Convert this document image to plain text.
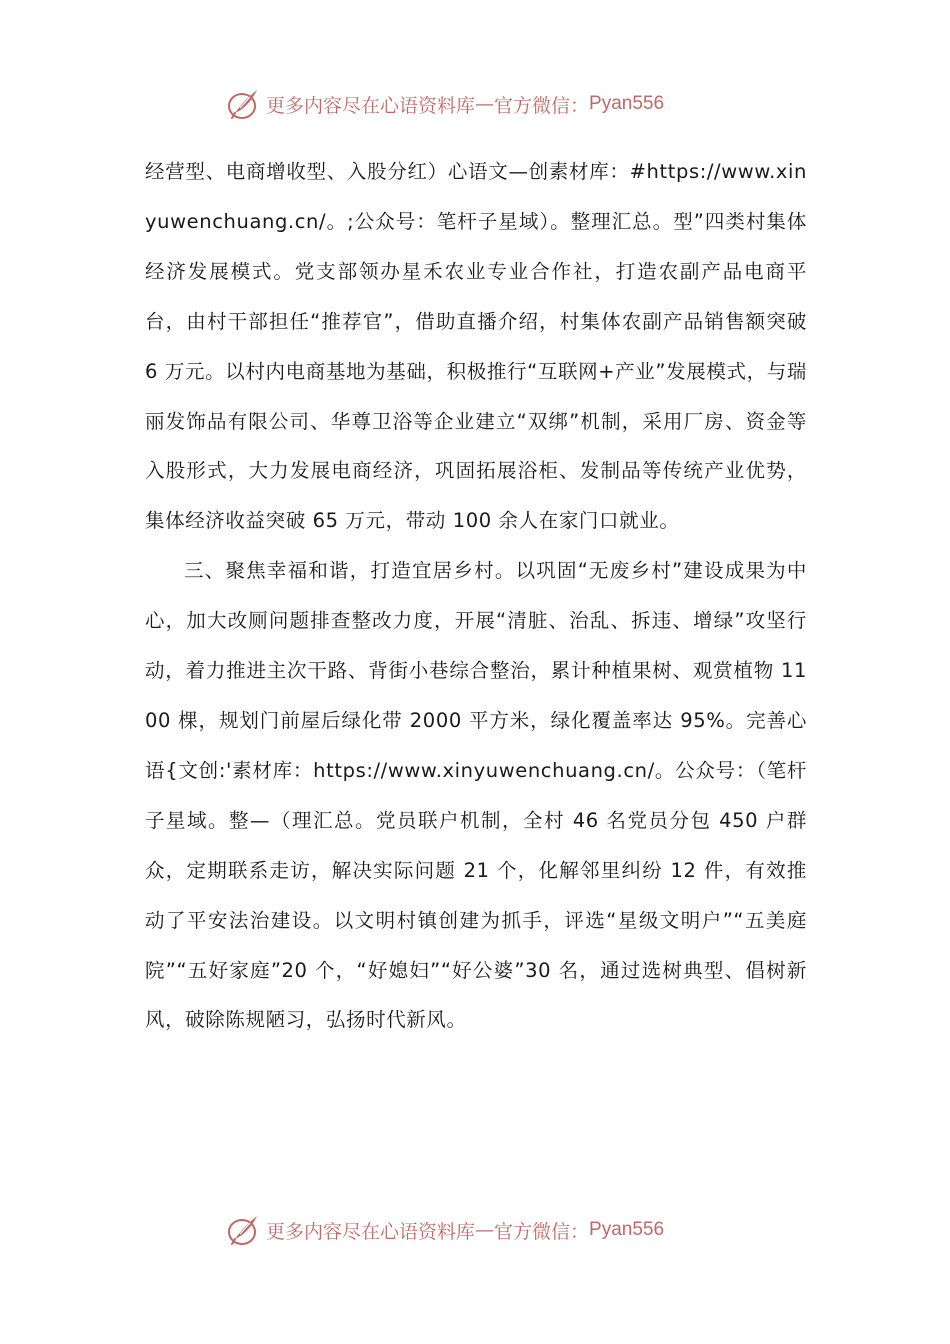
更多内容尽在心语资料库 — 官方微信： Pyan556

经营型、电商增收型、入股分红）心语文—创素材库：#https://www.xinyuwenchuang.cn/。;公众号：笔杆子星域）。整理汇总。型”四类村集体经济发展模式。党支部领办星禾农业专业合作社，打造农副产品电商平台，由村干部担任“推荐官”，借助直播介绍，村集体农副产品销售额突破 6 万元。以村内电商基地为基础，积极推行“互联网+产业”发展模式，与瑞丽发饰品有限公司、华尊卫浴等企业建立“双绑”机制，采用厂房、资金等入股形式，大力发展电商经济，巩固拓展浴柜、发制品等传统产业优势，集体经济收益突破 65 万元，带动 100 余人在家门口就业。

三、聚焦幸福和谐，打造宜居乡村。以巩固“无废乡村”建设成果为中心，加大改厕问题排查整改力度，开展“清脏、治乱、拆违、增绿”攻坚行动，着力推进主次干路、背街小巷综合整治，累计种植果树、观赏植物 1100 棵，规划门前屋后绿化带 2000 平方米，绿化覆盖率达 95%。完善心语{文创:'素材库：https://www.xinyuwenchuang.cn/。公众号：（笔杆子星域。整—（理汇总。党员联户机制，全村 46 名党员分包 450 户群众，定期联系走访，解决实际问题 21 个，化解邻里纠纷 12 件，有效推动了平安法治建设。以文明村镇创建为抓手，评选“星级文明户”“五美庭院”“五好家庭”20 个，“好媳妇”“好公婆”30 名，通过选树典型、倡树新风，破除陈规陋习，弘扬时代新风。

更多内容尽在心语资料库 — 官方微信： Pyan556
